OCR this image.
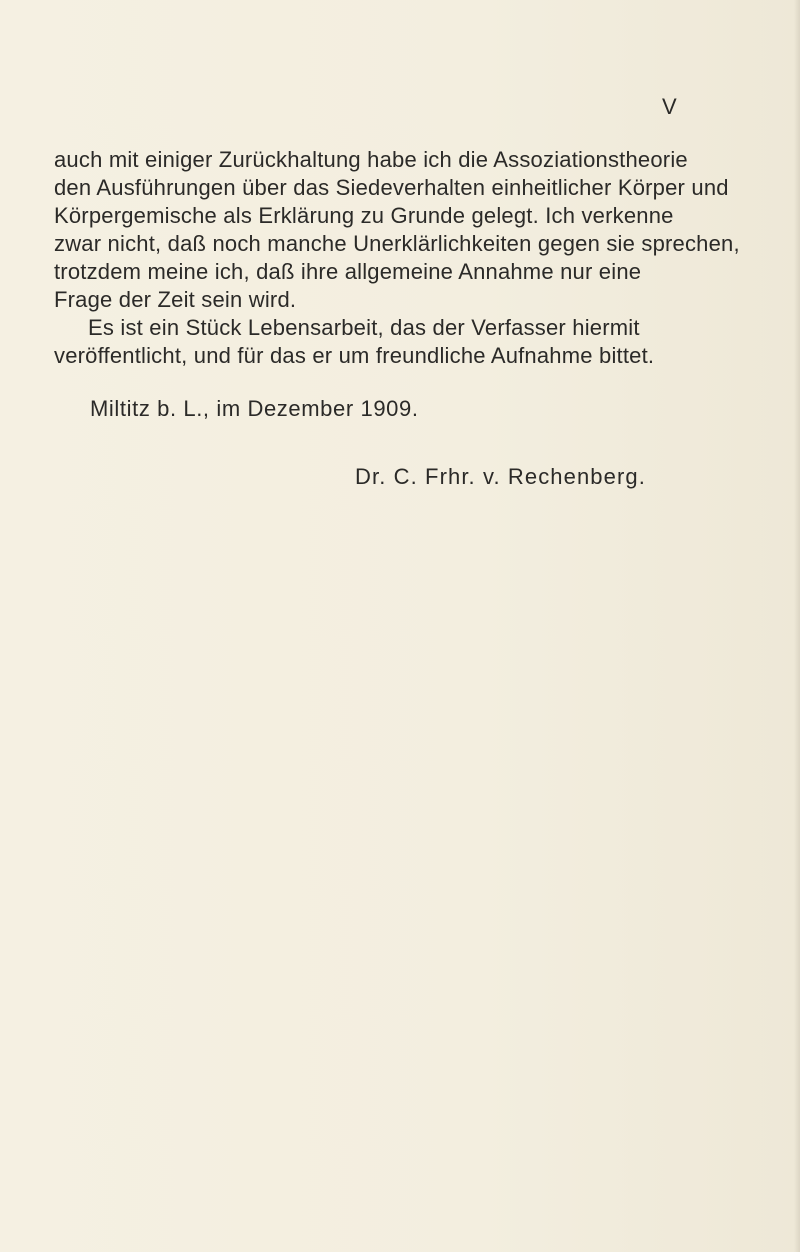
V
auch mit einiger Zurückhaltung habe ich die Assoziationstheorie
den Ausführungen über das Siedeverhalten einheitlicher Körper und
Körpergemische als Erklärung zu Grunde gelegt. Ich verkenne
zwar nicht, daß noch manche Unerklärlichkeiten gegen sie sprechen,
trotzdem meine ich, daß ihre allgemeine Annahme nur eine
Frage der Zeit sein wird.
Es ist ein Stück Lebensarbeit, das der Verfasser hiermit
veröffentlicht, und für das er um freundliche Aufnahme bittet.
Miltitz b. L., im Dezember 1909.
Dr. C. Frhr. v. Rechenberg.
